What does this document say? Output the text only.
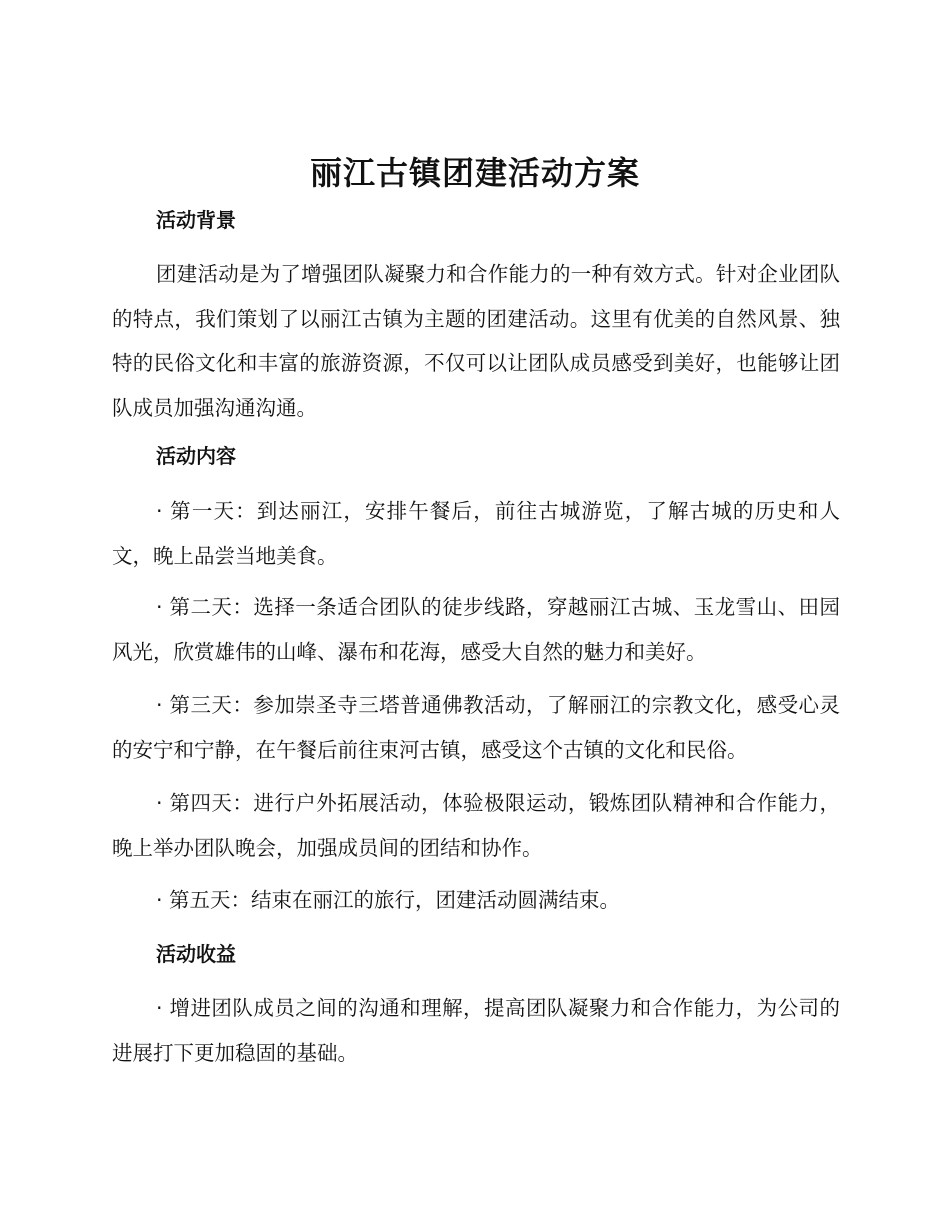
丽江古镇团建活动方案
活动背景

团建活动是为了增强团队凝聚力和合作能力的一种有效方式。针对企业团队的特点，我们策划了以丽江古镇为主题的团建活动。这里有优美的自然风景、独特的民俗文化和丰富的旅游资源，不仅可以让团队成员感受到美好，也能够让团队成员加强沟通沟通。

活动内容

· 第一天：到达丽江，安排午餐后，前往古城游览，了解古城的历史和人文，晚上品尝当地美食。

· 第二天：选择一条适合团队的徒步线路，穿越丽江古城、玉龙雪山、田园风光，欣赏雄伟的山峰、瀑布和花海，感受大自然的魅力和美好。

· 第三天：参加崇圣寺三塔普通佛教活动，了解丽江的宗教文化，感受心灵的安宁和宁静，在午餐后前往束河古镇，感受这个古镇的文化和民俗。

· 第四天：进行户外拓展活动，体验极限运动，锻炼团队精神和合作能力，晚上举办团队晚会，加强成员间的团结和协作。

· 第五天：结束在丽江的旅行，团建活动圆满结束。

活动收益

· 增进团队成员之间的沟通和理解，提高团队凝聚力和合作能力，为公司的进展打下更加稳固的基础。
